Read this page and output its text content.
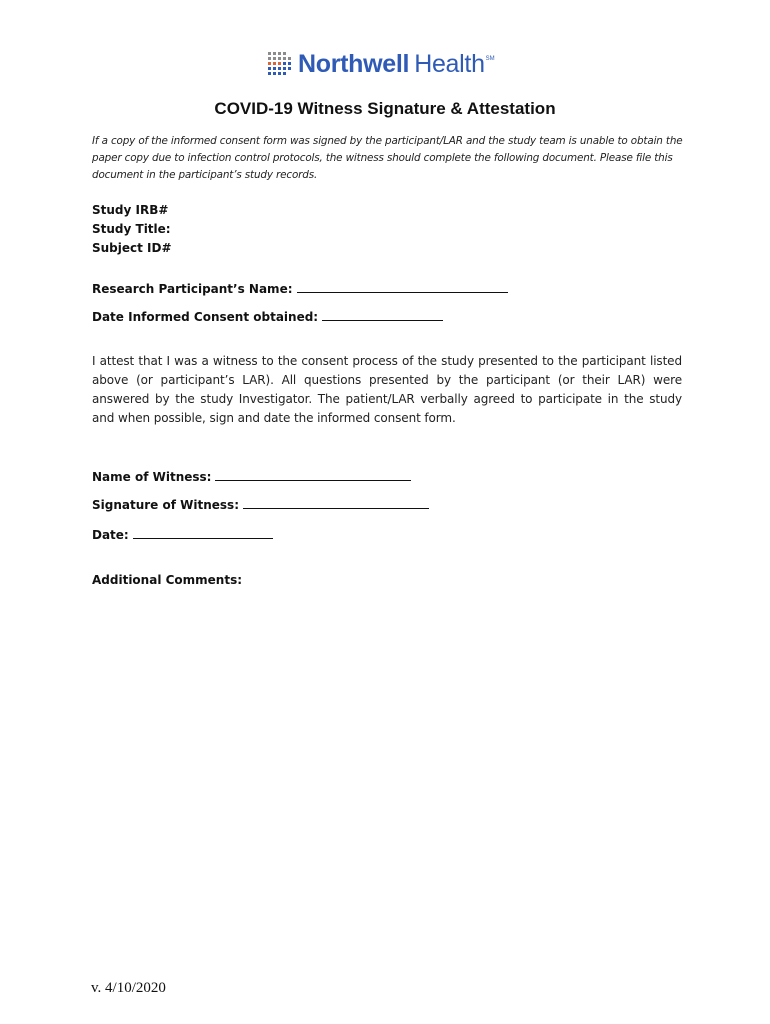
Northwell Health SM
COVID-19 Witness Signature & Attestation
If a copy of the informed consent form was signed by the participant/LAR and the study team is unable to obtain the paper copy due to infection control protocols, the witness should complete the following document. Please file this document in the participant’s study records.
Study IRB#
Study Title:
Subject ID#
Research Participant’s Name:
Date Informed Consent obtained:
I attest that I was a witness to the consent process of the study presented to the participant listed above (or participant’s LAR). All questions presented by the participant (or their LAR) were answered by the study Investigator. The patient/LAR verbally agreed to participate in the study and when possible, sign and date the informed consent form.
Name of Witness:
Signature of Witness:
Date:
Additional Comments:
v. 4/10/2020
